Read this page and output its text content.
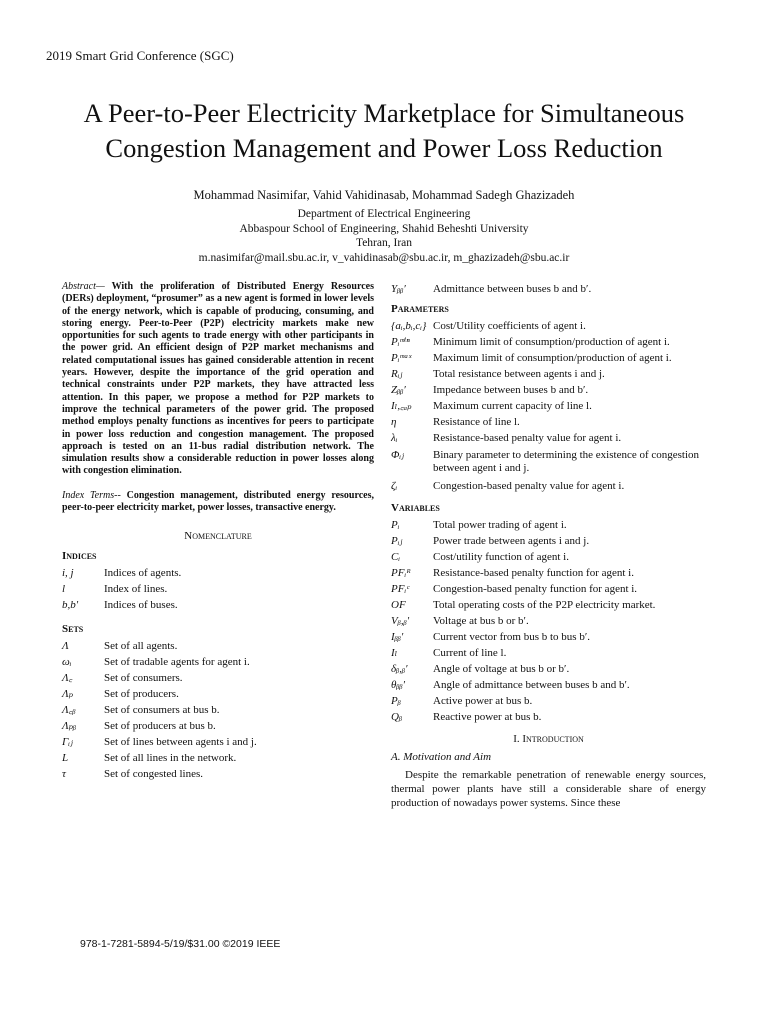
2019 Smart Grid Conference (SGC)
A Peer-to-Peer Electricity Marketplace for Simultaneous
Congestion Management and Power Loss Reduction
Mohammad Nasimifar, Vahid Vahidinasab, Mohammad Sadegh Ghazizadeh
Department of Electrical Engineering
Abbaspour School of Engineering, Shahid Beheshti University
Tehran, Iran
m.nasimifar@mail.sbu.ac.ir, v_vahidinasab@sbu.ac.ir, m_ghazizadeh@sbu.ac.ir

Abstract— With the proliferation of Distributed Energy Resources (DERs) deployment, “prosumer” as a new agent is formed in lower levels of the energy network, which is capable of producing, consuming, and storing energy. Peer-to-Peer (P2P) electricity markets make new opportunities for such agents to trade energy with other participants in the power grid. An efficient design of P2P market mechanisms and related computational issues has gained considerable attention in recent years. However, despite the importance of the grid operation and technical constraints under P2P markets, they have attracted less attention. In this paper, we propose a method for P2P markets to improve the technical parameters of the power grid. The proposed method employs penalty functions as incentives for peers to participate in power loss reduction and congestion management. The proposed approach is tested on an 11-bus radial distribution network. The simulation results show a considerable reduction in power losses along with congestion elimination.

Index Terms-- Congestion management, distributed energy resources, peer-to-peer electricity market, power losses, transactive energy.

Nomenclature
Indices
i, j	Indices of agents.
l	Index of lines.
b,b′	Indices of buses.
Sets
Λ	Set of all agents.
ωᵢ	Set of tradable agents for agent i.
Λ꜀	Set of consumers.
Λₚ	Set of producers.
Λ꜀ᵦ	Set of consumers at bus b.
Λₚᵦ	Set of producers at bus b.
Γᵢⱼ	Set of lines between agents i and j.
L	Set of all lines in the network.
τ	Set of congested lines.
Yᵦᵦ′	Admittance between buses b and b′.
Parameters
{aᵢ,bᵢ,cᵢ} Cost/Utility coefficients of agent i.
Pᵢᵐⁱⁿ	Minimum limit of consumption/production of agent i.
Pᵢᵐᵃˣ	Maximum limit of consumption/production of agent i.
Rᵢⱼ	Total resistance between agents i and j.
Zᵦᵦ′	Impedance between buses b and b′.
Iₗ,꜀ₐₚ	Maximum current capacity of line l.
η	Resistance of line l.
λᵢ	Resistance-based penalty value for agent i.
Φᵢⱼ	Binary parameter to determining the existence of congestion between agent i and j.
ζᵢ	Congestion-based penalty value for agent i.
Variables
Pᵢ	Total power trading of agent i.
Pᵢⱼ	Power trade between agents i and j.
Cᵢ	Cost/utility function of agent i.
PFᵢᴿ	Resistance-based penalty function for agent i.
PFᵢᶜ	Congestion-based penalty function for agent i.
OF	Total operating costs of the P2P electricity market.
Vᵦ,ᵦ′	Voltage at bus b or b′.
Iᵦᵦ′	Current vector from bus b to bus b′.
Iₗ	Current of line l.
δᵦ,ᵦ′	Angle of voltage at bus b or b′.
θᵦᵦ′	Angle of admittance between buses b and b′.
Pᵦ	Active power at bus b.
Qᵦ	Reactive power at bus b.
I. Introduction
A. Motivation and Aim

Despite the remarkable penetration of renewable energy sources, thermal power plants have still a considerable share of energy production of nowadays power systems. Since these

978-1-7281-5894-5/19/$31.00 ©2019 IEEE
